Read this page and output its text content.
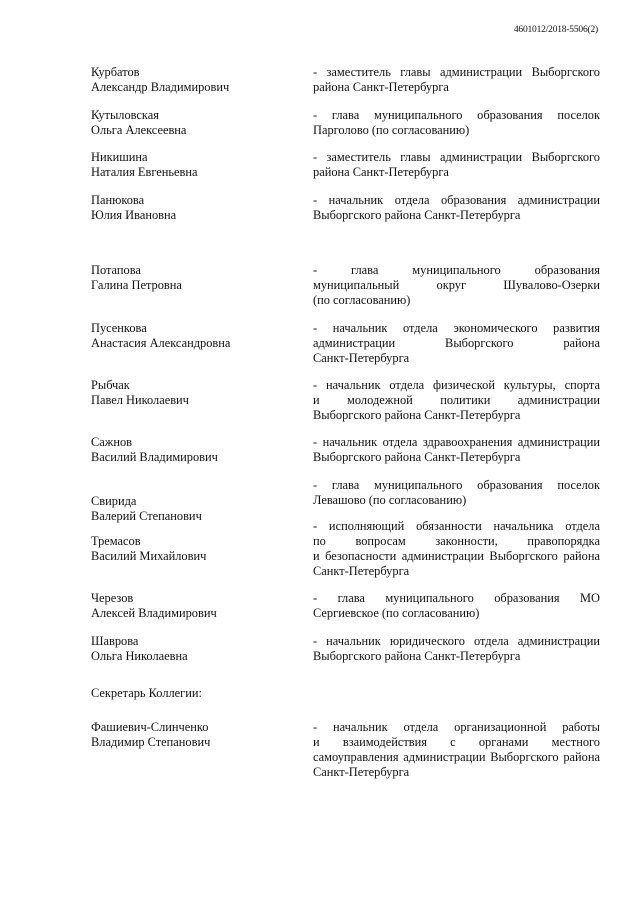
4601012/2018-5506(2)
Курбатов
Александр Владимирович
- заместитель главы администрации Выборгского
района Санкт-Петербурга
Кутыловская
Ольга Алексеевна
- глава муниципального образования поселок
Парголово (по согласованию)
Никишина
Наталия Евгеньевна
- заместитель главы администрации Выборгского
района Санкт-Петербурга
Панюкова
Юлия Ивановна
- начальник отдела образования администрации
Выборгского района Санкт-Петербурга
Потапова
Галина Петровна
- глава муниципального образования
муниципальный округ Шувалово-Озерки
(по согласованию)
Пусенкова
Анастасия Александровна
- начальник отдела экономического развития
администрации Выборгского района
Санкт-Петербурга
Рыбчак
Павел Николаевич
- начальник отдела физической культуры, спорта
и молодежной политики администрации
Выборгского района Санкт-Петербурга
Сажнов
Василий Владимирович
- начальник отдела здравоохранения администрации
Выборгского района Санкт-Петербурга
Свирида
Валерий Степанович
- глава муниципального образования поселок
Левашово (по согласованию)
Тремасов
Василий Михайлович
- исполняющий обязанности начальника отдела
по вопросам законности, правопорядка
и безопасности администрации Выборгского района
Санкт-Петербурга
Черезов
Алексей Владимирович
- глава муниципального образования МО
Сергиевское (по согласованию)
Шаврова
Ольга Николаевна
- начальник юридического отдела администрации
Выборгского района Санкт-Петербурга
Секретарь Коллегии:
Фашиевич-Слинченко
Владимир Степанович
- начальник отдела организационной работы
и взаимодействия с органами местного
самоуправления администрации Выборгского района
Санкт-Петербурга
